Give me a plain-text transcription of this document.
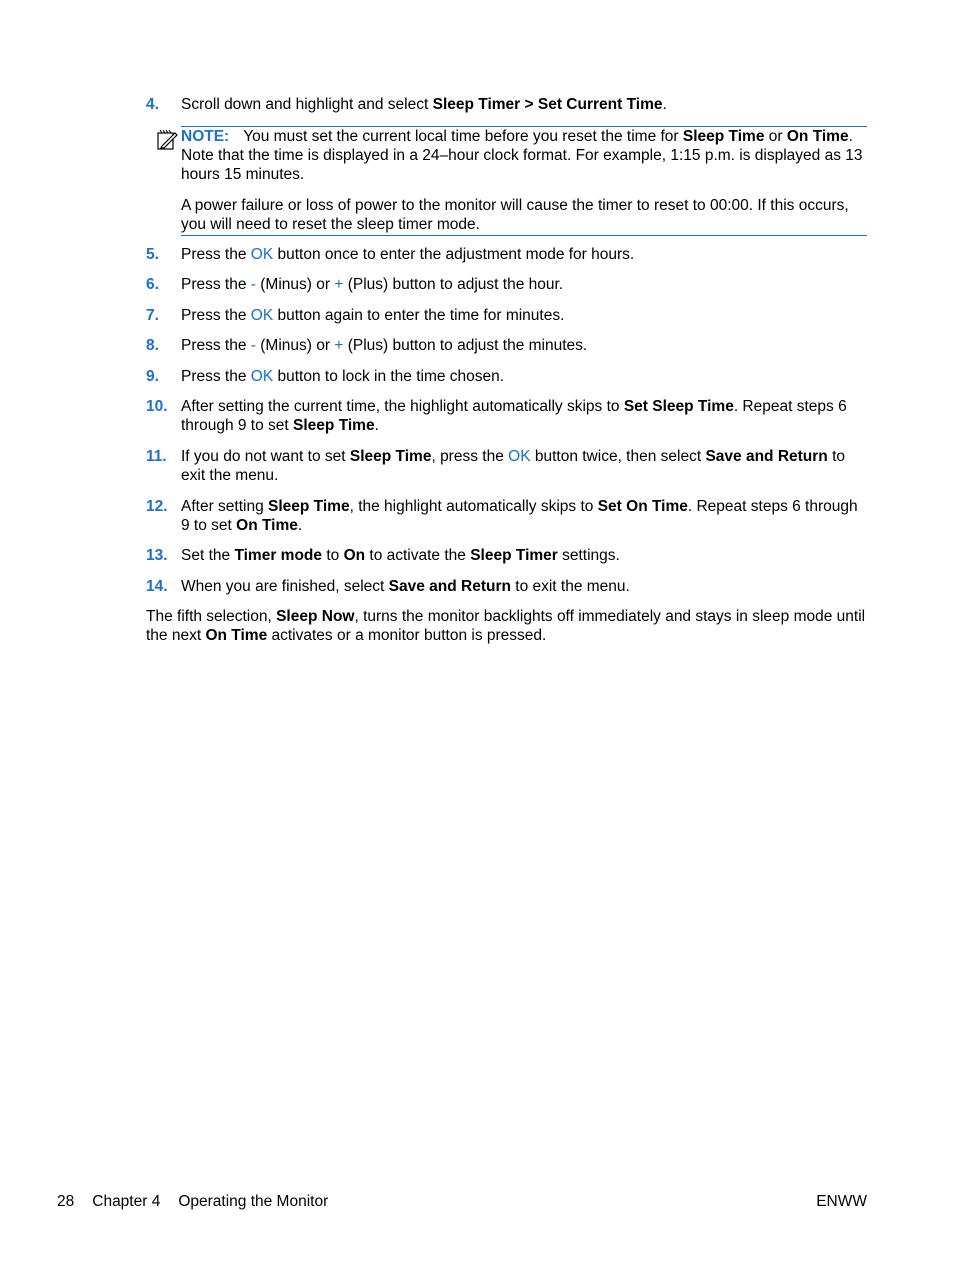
4.	Scroll down and highlight and select Sleep Timer > Set Current Time.

NOTE: You must set the current local time before you reset the time for Sleep Time or On Time. Note that the time is displayed in a 24–hour clock format. For example, 1:15 p.m. is displayed as 13 hours 15 minutes.

A power failure or loss of power to the monitor will cause the timer to reset to 00:00. If this occurs, you will need to reset the sleep timer mode.

5.	Press the OK button once to enter the adjustment mode for hours.
6.	Press the - (Minus) or + (Plus) button to adjust the hour.
7.	Press the OK button again to enter the time for minutes.
8.	Press the - (Minus) or + (Plus) button to adjust the minutes.
9.	Press the OK button to lock in the time chosen.
10. After setting the current time, the highlight automatically skips to Set Sleep Time. Repeat steps 6 through 9 to set Sleep Time.
11. If you do not want to set Sleep Time, press the OK button twice, then select Save and Return to exit the menu.
12. After setting Sleep Time, the highlight automatically skips to Set On Time. Repeat steps 6 through 9 to set On Time.
13. Set the Timer mode to On to activate the Sleep Timer settings.
14. When you are finished, select Save and Return to exit the menu.
The fifth selection, Sleep Now, turns the monitor backlights off immediately and stays in sleep mode until the next On Time activates or a monitor button is pressed.
28 Chapter 4 Operating the Monitor	ENWW
